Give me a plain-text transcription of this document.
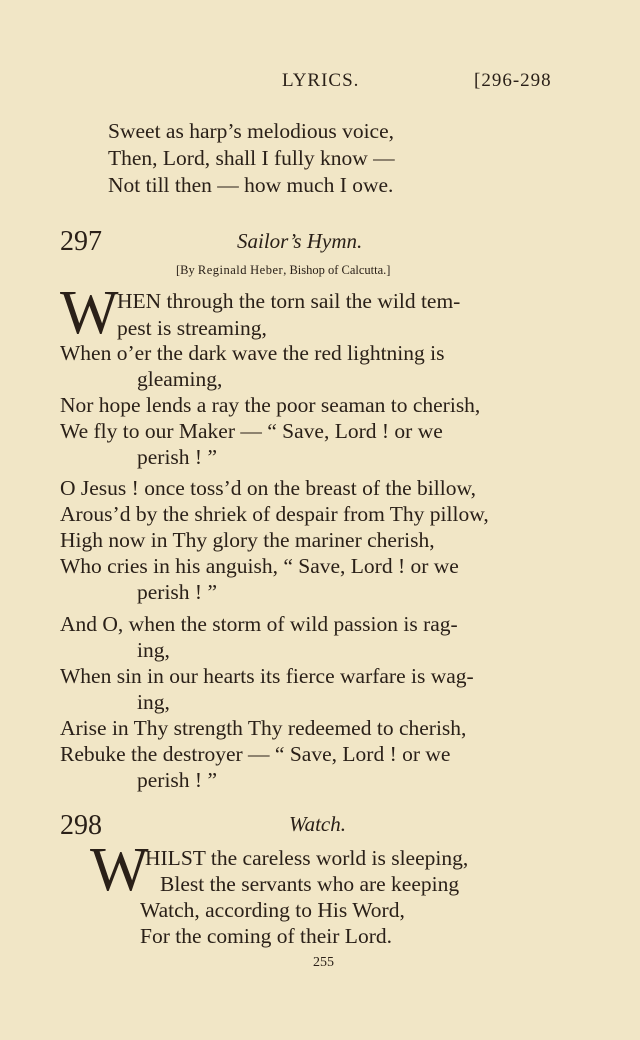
LYRICS.	[296-298
Sweet as harp’s melodious voice,
Then, Lord, shall I fully know —
Not till then — how much I owe.
297	Sailor’s Hymn.
[By Reginald Heber, Bishop of Calcutta.]
W
HEN through the torn sail the wild tem-
pest is streaming,
When o’er the dark wave the red lightning is
gleaming,
Nor hope lends a ray the poor seaman to cherish,
We fly to our Maker — “ Save, Lord ! or we
perish ! ”
O Jesus ! once toss’d on the breast of the billow,
Arous’d by the shriek of despair from Thy pillow,
High now in Thy glory the mariner cherish,
Who cries in his anguish, “ Save, Lord ! or we
perish ! ”
And O, when the storm of wild passion is rag-
ing,
When sin in our hearts its fierce warfare is wag-
ing,
Arise in Thy strength Thy redeemed to cherish,
Rebuke the destroyer — “ Save, Lord ! or we
perish ! ”
298	Watch.
W
HILST the careless world is sleeping,
Blest the servants who are keeping
Watch, according to His Word,
For the coming of their Lord.
255
